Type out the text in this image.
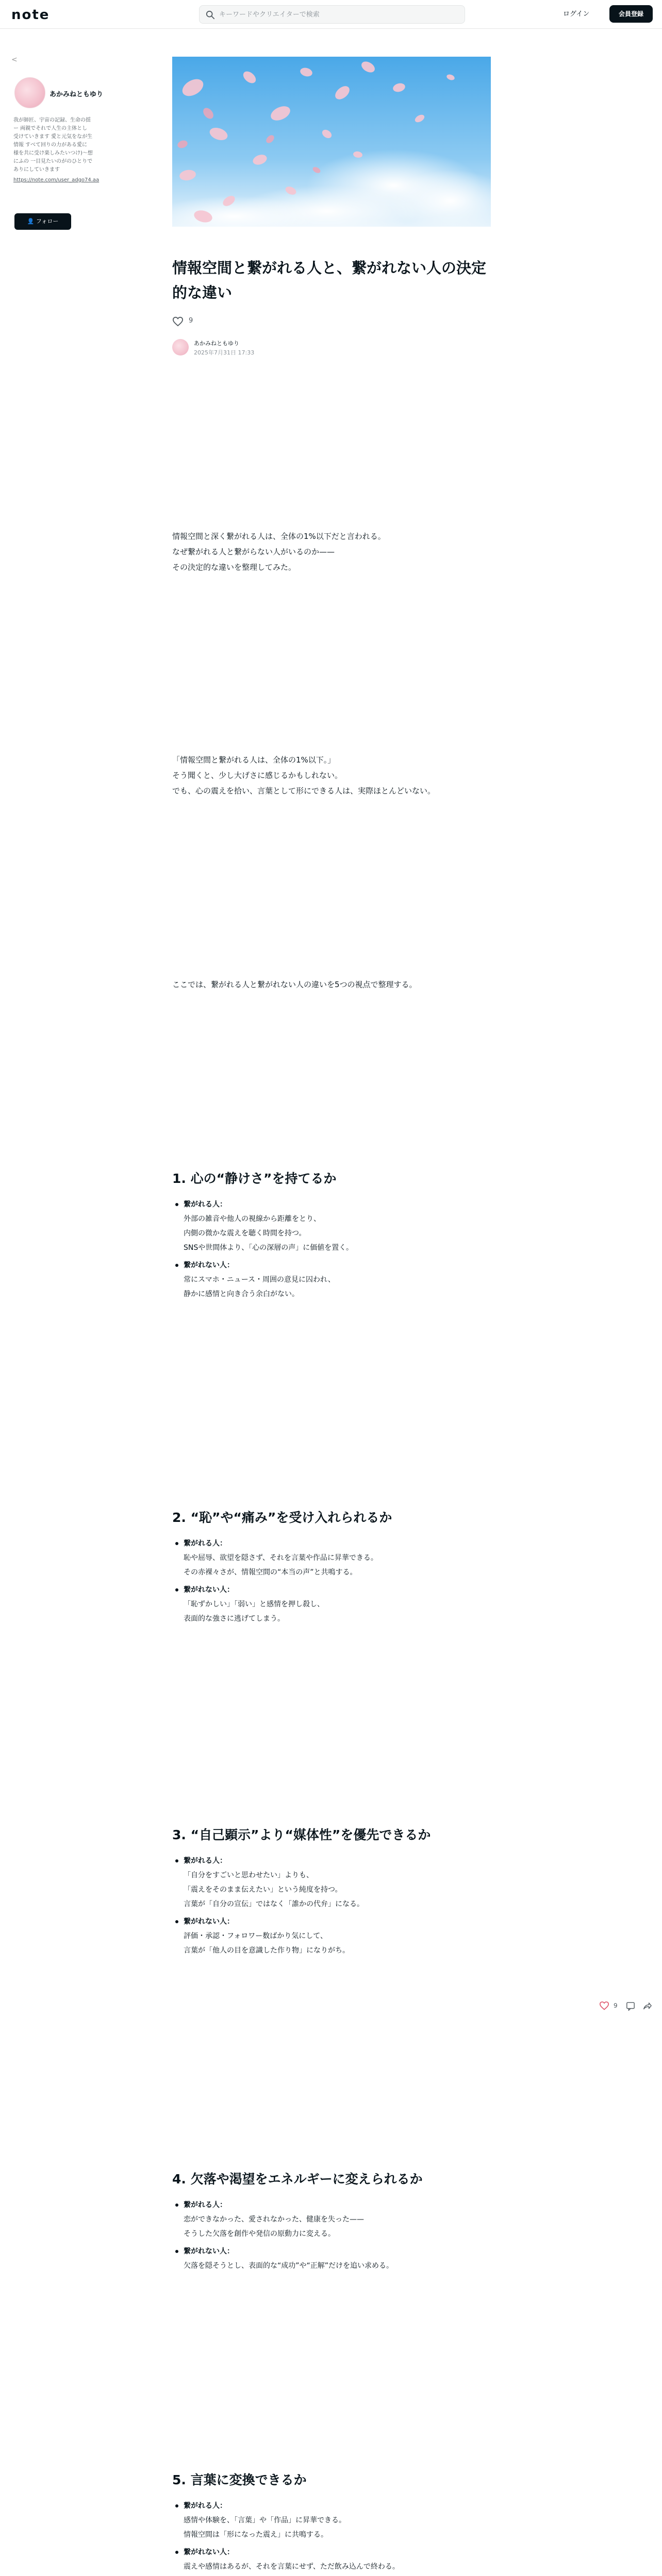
note
キーワードやクリエイターで検索	ログイン	会員登録
<
あかみねともゆり
我が師匠、宇宙の記録、生命の揺
ー 両親でそれで人生の主体とし
受けていきます 愛と元気をなが生
情報 すべて回りの力がある愛に
様を共に受け楽しみたいつけ)〜想
にふの 一目見たいのがのひとりで
ありにしていきます
https://note.com/user_adgo74.aa
👤 フォロー
情報空間と繋がれる人と、繋がれない人の決定的な違い
9
あかみねともゆり
2025年7月31日 17:33

情報空間と深く繋がれる人は、全体の1%以下だと言われる。

なぜ繋がれる人と繋がらない人がいるのか——

その決定的な違いを整理してみた。

「情報空間と繋がれる人は、全体の1%以下。」

そう聞くと、少し大げさに感じるかもしれない。

でも、心の震えを拾い、言葉として形にできる人は、実際ほとんどいない。

ここでは、繋がれる人と繋がれない人の違いを5つの視点で整理する。

1. 心の“静けさ”を持てるか
繋がれる人：
外部の雑音や他人の視線から距離をとり、
内側の微かな震えを聴く時間を持つ。
SNSや世間体より、「心の深層の声」に価値を置く。
繋がれない人：
常にスマホ・ニュース・周囲の意見に囚われ、
静かに感情と向き合う余白がない。
2. “恥”や“痛み”を受け入れられるか
繋がれる人：
恥や屈辱、欲望を隠さず、それを言葉や作品に昇華できる。
その赤裸々さが、情報空間の“本当の声”と共鳴する。
繋がれない人：
「恥ずかしい」「弱い」と感情を押し殺し、
表面的な強さに逃げてしまう。
3. “自己顕示”より“媒体性”を優先できるか
繋がれる人：
「自分をすごいと思わせたい」よりも、
「震えをそのまま伝えたい」という純度を持つ。
言葉が「自分の宣伝」ではなく「誰かの代弁」になる。
繋がれない人：
評価・承認・フォロワー数ばかり気にして、
言葉が「他人の目を意識した作り物」になりがち。
4. 欠落や渇望をエネルギーに変えられるか
繋がれる人：
恋ができなかった、愛されなかった、健康を失った——
そうした欠落を創作や発信の原動力に変える。
繋がれない人：
欠落を隠そうとし、表面的な“成功”や“正解”だけを追い求める。
5. 言葉に変換できるか
繋がれる人：
感情や体験を、「言葉」や「作品」に昇華できる。
情報空間は「形になった震え」に共鳴する。
繋がれない人：
震えや感情はあるが、それを言葉にせず、ただ飲み込んで終わる。

9
